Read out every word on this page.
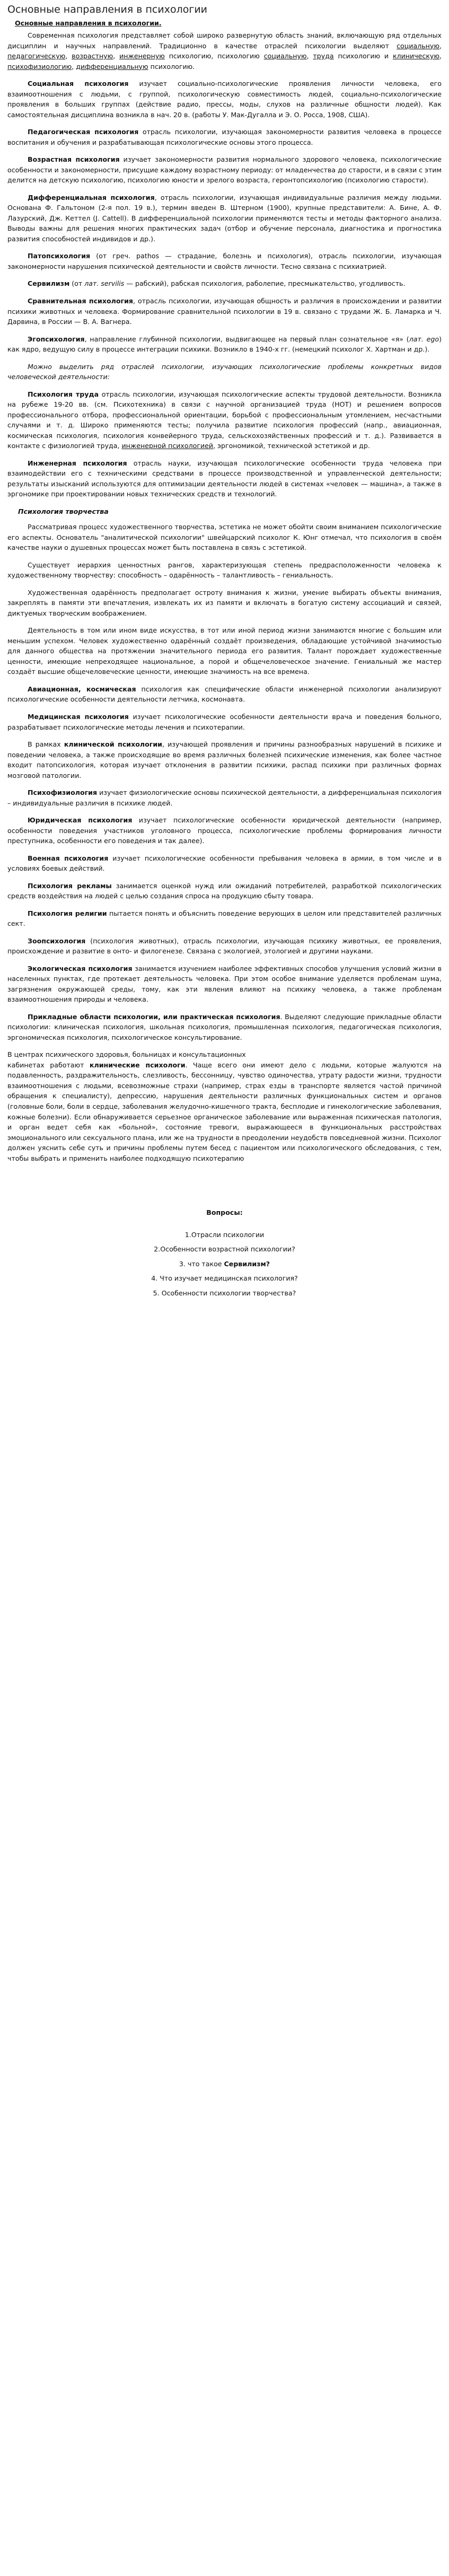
Основные направления в психологии
Основные направления в психологии.

Современная психология представляет собой широко развернутую область знаний, включающую ряд отдельных дисциплин и научных направлений. Традиционно в качестве отраслей психологии выделяют социальную, педагогическую, возрастную, инженерную психологию, психологию социальную, труда психологию и клиническую, психофизиологию, дифференциальную психологию.

Социальная психология изучает социально-психологические проявления личности человека, его взаимоотношения с людьми, с группой, психологическую совместимость людей, социально-психологические проявления в больших группах (действие радио, прессы, моды, слухов на различные общности людей). Как самостоятельная дисциплина возникла в нач. 20 в. (работы У. Мак-Дугалла и Э. О. Росса, 1908, США).

Педагогическая психология отрасль психологии, изучающая закономерности развития человека в процессе воспитания и обучения и разрабатывающая психологические основы этого процесса.

Возрастная психология изучает закономерности развития нормального здорового человека, психологические особенности и закономерности, присущие каждому возрастному периоду: от младенчества до старости, и в связи с этим делится на детскую психологию, психологию юности и зрелого возраста, геронтопсихологию (психологию старости).

Дифференциальная психология, отрасль психологии, изучающая индивидуальные различия между людьми. Основана Ф. Гальтоном (2-я пол. 19 в.), термин введен В. Штерном (1900), крупные представители: А. Бине, А. Ф. Лазурский, Дж. Кеттел (J. Cattell). В дифференциальной психологии применяются тесты и методы факторного анализа. Выводы важны для решения многих практических задач (отбор и обучение персонала, диагностика и прогностика развития способностей индивидов и др.).

Патопсихология (от греч. pathos — страдание, болезнь и психология), отрасль психологии, изучающая закономерности нарушения психической деятельности и свойств личности. Тесно связана с психиатрией.

Сервилизм (от лат. servilis — рабский), рабская психология, раболепие, пресмыкательство, угодливость.

Сравнительная психология, отрасль психологии, изучающая общность и различия в происхождении и развитии психики животных и человека. Формирование сравнительной психологии в 19 в. связано с трудами Ж. Б. Ламарка и Ч. Дарвина, в России — В. А. Вагнера.

Эгопсихология, направление глубинной психологии, выдвигающее на первый план сознательное «я» (лат. ego) как ядро, ведущую силу в процессе интеграции психики. Возникло в 1940-х гг. (немецкий психолог Х. Хартман и др.).

Можно выделить ряд отраслей психологии, изучающих психологические проблемы конкретных видов человеческой деятельности:

Психология труда отрасль психологии, изучающая психологические аспекты трудовой деятельности. Возникла на рубеже 19-20 вв. (см. Психотехника) в связи с научной организацией труда (НОТ) и решением вопросов профессионального отбора, профессиональной ориентации, борьбой с профессиональным утомлением, несчастными случаями и т. д. Широко применяются тесты; получила развитие психология профессий (напр., авиационная, космическая психология, психология конвейерного труда, сельскохозяйственных профессий и т. д.). Развивается в контакте с физиологией труда, инженерной психологией, эргономикой, технической эстетикой и др.

Инженерная психология отрасль науки, изучающая психологические особенности труда человека при взаимодействии его с техническими средствами в процессе производственной и управленческой деятельности; результаты изысканий используются для оптимизации деятельности людей в системах «человек — машина», а также в эргономике при проектировании новых технических средств и технологий.

Психология творчества

Рассматривая процесс художественного творчества, эстетика не может обойти своим вниманием психологические его аспекты. Основатель "аналитической психологии" швейцарский психолог К. Юнг отмечал, что психология в своём качестве науки о душевных процессах может быть поставлена в связь с эстетикой.

Существует иерархия ценностных рангов, характеризующая степень предрасположенности человека к художественному творчеству: способность – одарённость – талантливость – гениальность.

Художественная одарённость предполагает остроту внимания к жизни, умение выбирать объекты внимания, закреплять в памяти эти впечатления, извлекать их из памяти и включать в богатую систему ассоциаций и связей, диктуемых творческим воображением.

Деятельность в том или ином виде искусства, в тот или иной период жизни занимаются многие с большим или меньшим успехом. Человек художественно одарённый создаёт произведения, обладающие устойчивой значимостью для данного общества на протяжении значительного периода его развития. Талант порождает художественные ценности, имеющие непреходящее национальное, а порой и общечеловеческое значение. Гениальный же мастер создаёт высшие общечеловеческие ценности, имеющие значимость на все времена.

Авиационная, космическая психология как специфические области инженерной психологии анализируют психологические особенности деятельности летчика, космонавта.

Медицинская психология изучает психологические особенности деятельности врача и поведения больного, разрабатывает психологические методы лечения и психотерапии.

В рамках клинической психологии, изучающей проявления и причины разнообразных нарушений в психике и поведении человека, а также происходящие во время различных болезней психические изменения, как более частное входит патопсихология, которая изучает отклонения в развитии психики, распад психики при различных формах мозговой патологии.

Психофизиология изучает физиологические основы психической деятельности, а дифференциальная психология – индивидуальные различия в психике людей.

Юридическая психология изучает психологические особенности юридической деятельности (например, особенности поведения участников уголовного процесса, психологические проблемы формирования личности преступника, особенности его поведения и так далее).

Военная психология изучает психологические особенности пребывания человека в армии, в том числе и в условиях боевых действий.

Психология рекламы занимается оценкой нужд или ожиданий потребителей, разработкой психологических средств воздействия на людей с целью создания спроса на продукцию сбыту товара.

Психология религии пытается понять и объяснить поведение верующих в целом или представителей различных сект.

Зоопсихология (психология животных), отрасль психологии, изучающая психику животных, ее проявления, происхождение и развитие в онто- и филогенезе. Связана с экологией, этологией и другими науками.

Экологическая психология занимается изучением наиболее эффективных способов улучшения условий жизни в населенных пунктах, где протекает деятельность человека. При этом особое внимание уделяется проблемам шума, загрязнения окружающей среды, тому, как эти явления влияют на психику человека, а также проблемам взаимоотношения природы и человека.

Прикладные области психологии, или практическая психология. Выделяют следующие прикладные области психологии: клиническая психология, школьная психология, промышленная психология, педагогическая психология, эргономическая психология, психологическое консультирование.

В центрах психического здоровья, больницах и консультационных

кабинетах работают клинические психологи. Чаще всего они имеют дело с людьми, которые жалуются на подавленность, раздражительность, слезливость, бессонницу, чувство одиночества, утрату радости жизни, трудности взаимоотношения с людьми, всевозможные страхи (например, страх езды в транспорте является частой причиной обращения к специалисту), депрессию, нарушения деятельности различных функциональных систем и органов (головные боли, боли в сердце, заболевания желудочно-кишечного тракта, бесплодие и гинекологические заболевания, кожные болезни). Если обнаруживается серьезное органическое заболевание или выраженная психическая патология, и орган ведет себя как «больной», состояние тревоги, выражающееся в функциональных расстройствах эмоционального или сексуального плана, или же на трудности в преодолении неудобств повседневной жизни. Психолог должен уяснить себе суть и причины проблемы путем бесед с пациентом или психологического обследования, с тем, чтобы выбрать и применить наиболее подходящую психотерапию

Вопросы:
1.Отрасли психологии
2.Особенности возрастной психологии?
3. что такое Сервилизм?
4. Что изучает медицинская психология?
5. Особенности психологии творчества?
